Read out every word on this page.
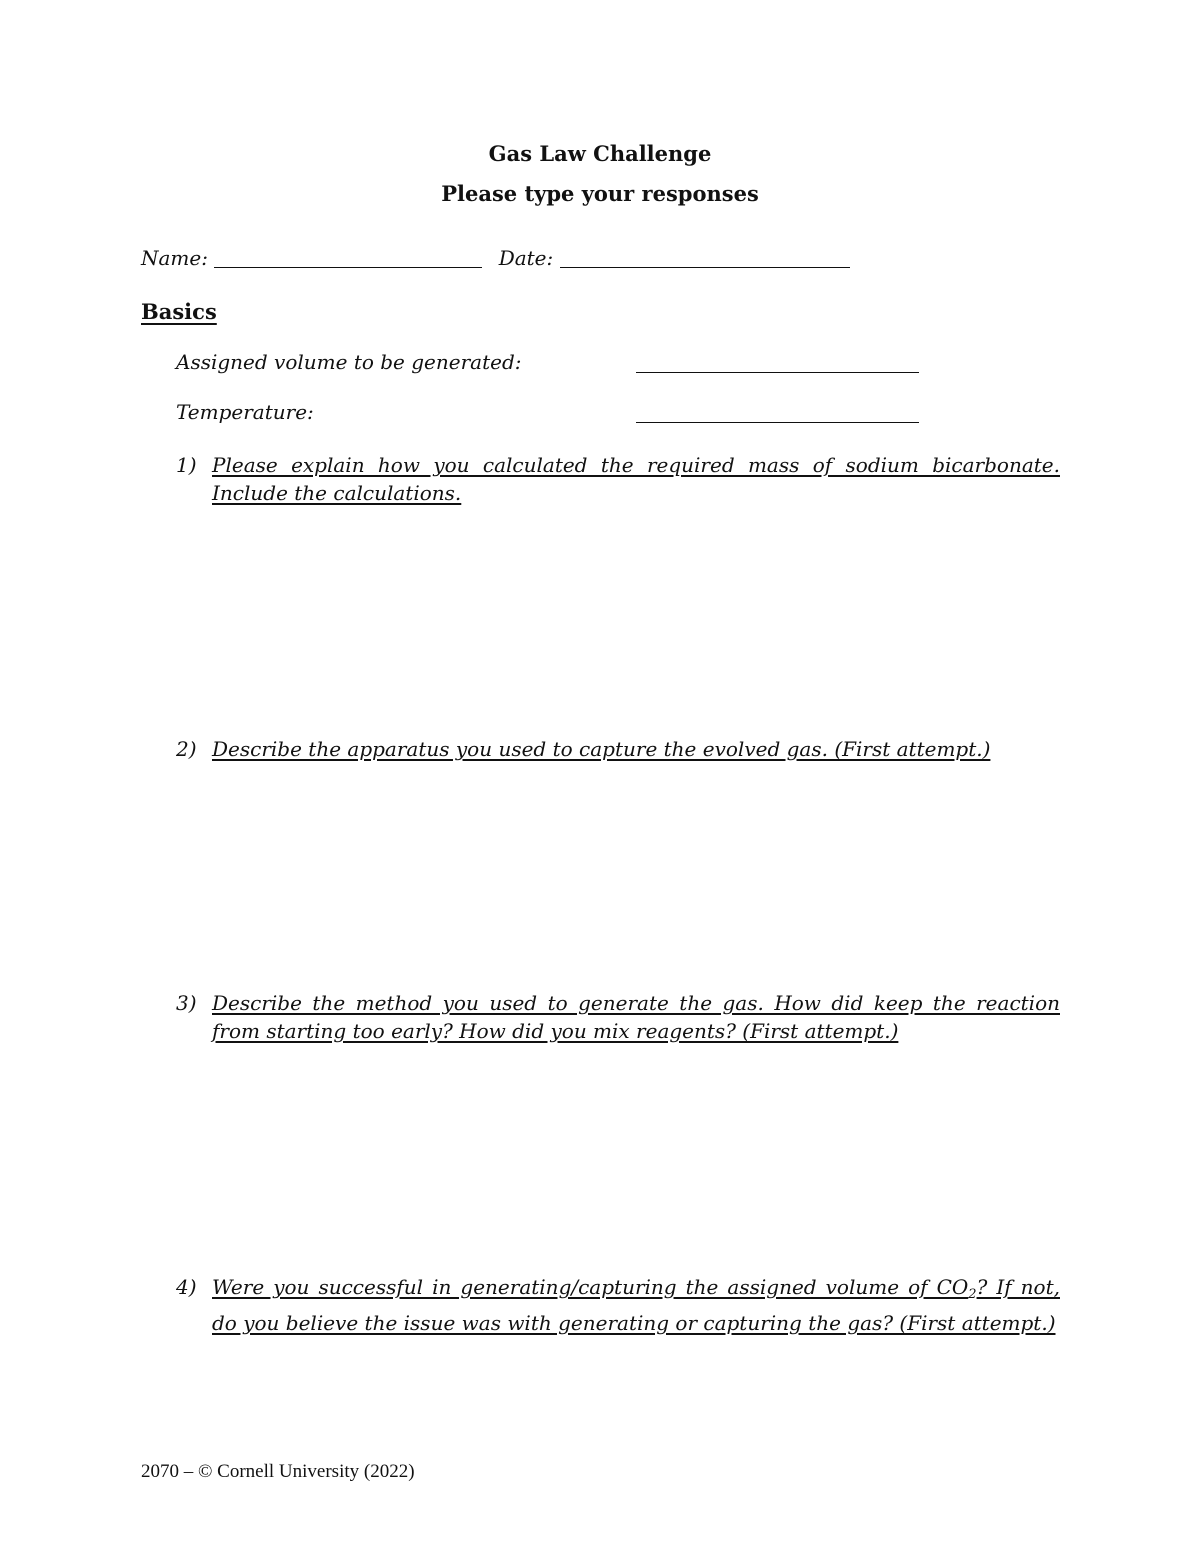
Gas Law Challenge
Please type your responses
Name:	Date:
Basics
Assigned volume to be generated:
Temperature:
1) Please explain how you calculated the required mass of sodium bicarbonate. Include the calculations.
2) Describe the apparatus you used to capture the evolved gas. (First attempt.)
3) Describe the method you used to generate the gas. How did keep the reaction from starting too early? How did you mix reagents? (First attempt.)
4) Were you successful in generating/capturing the assigned volume of $CO_2$? If not, do you believe the issue was with generating or capturing the gas? (First attempt.)
2070 – © Cornell University (2022)
